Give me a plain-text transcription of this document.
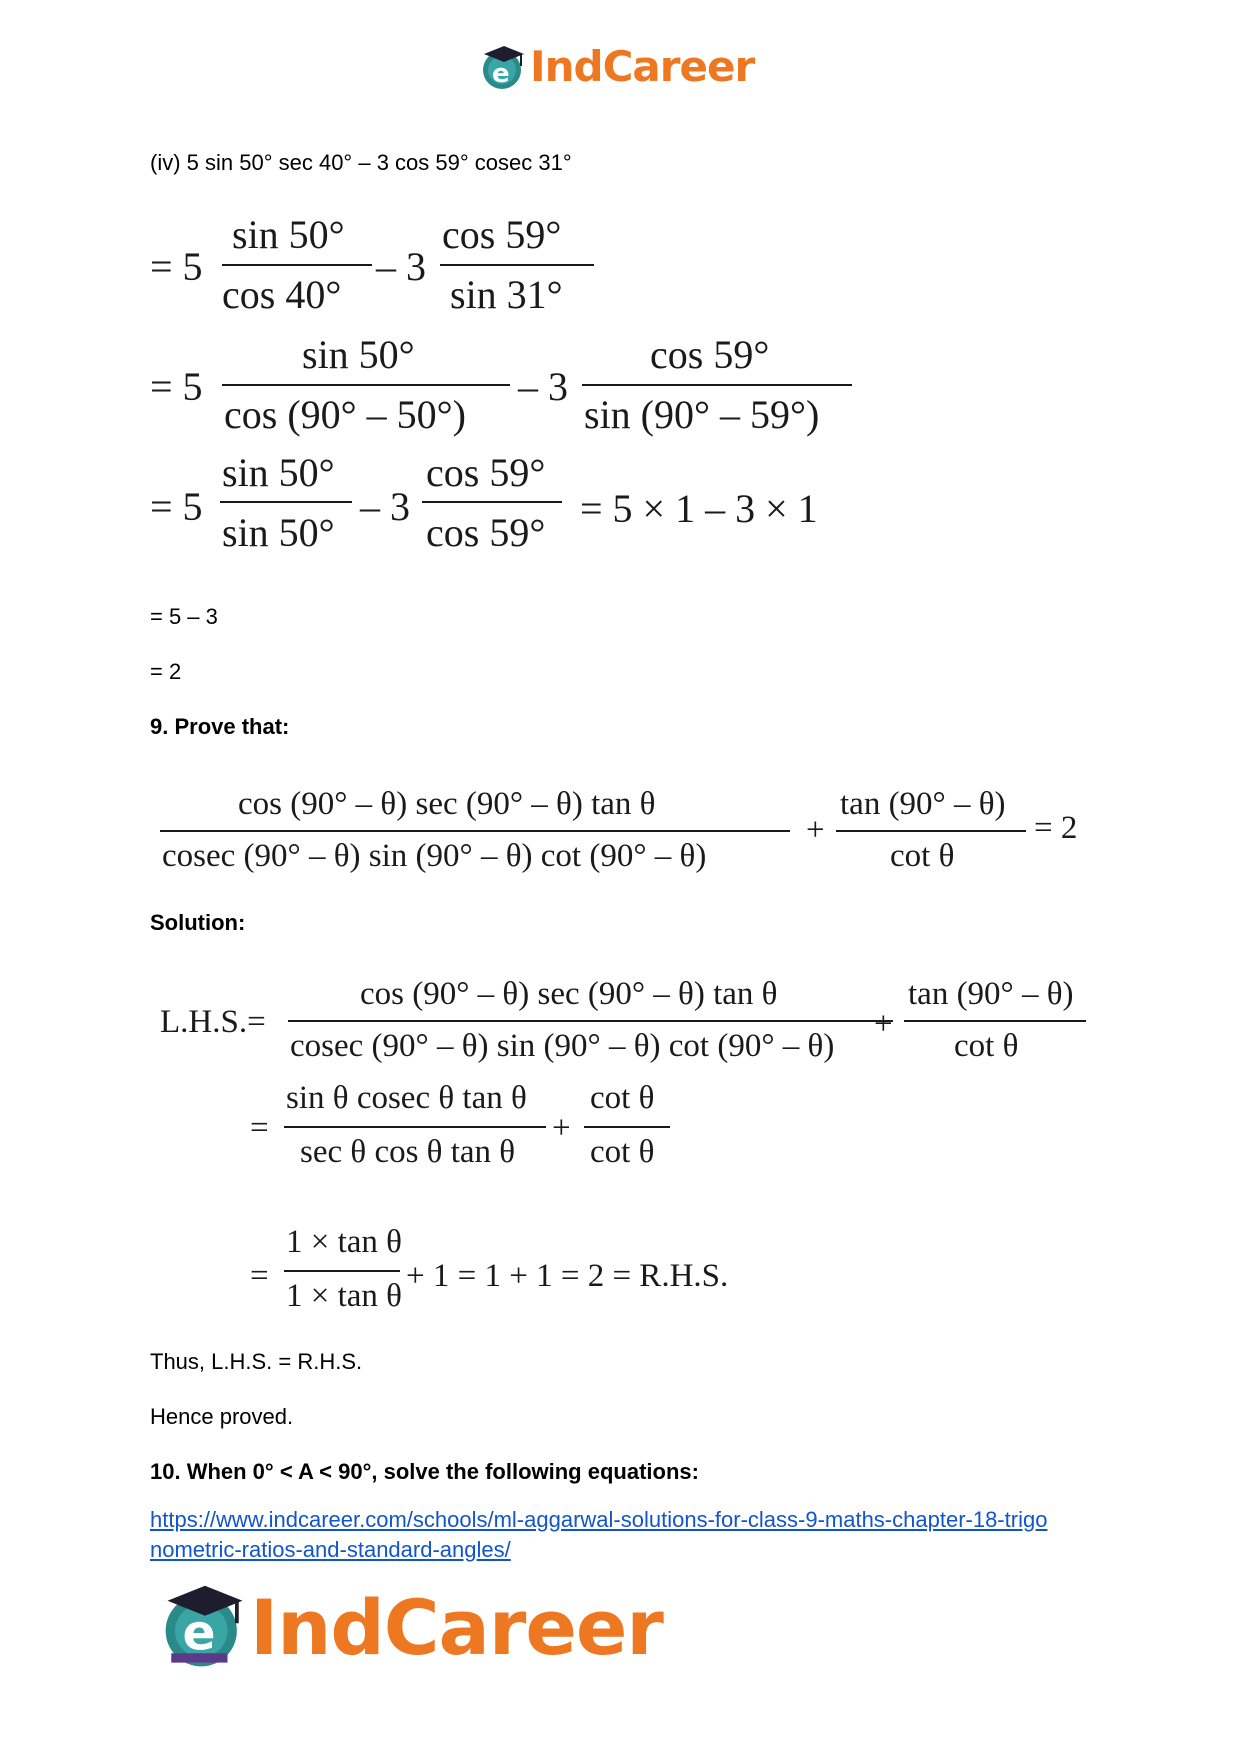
e IndCareer
(iv) 5 sin 50° sec 40° – 3 cos 59° cosec 31°
= 5
sin 50°
cos 40°
– 3
cos 59°
sin 31°
= 5
sin 50°
cos (90° – 50°)
– 3
cos 59°
sin (90° – 59°)
= 5
sin 50°
sin 50°
– 3
cos 59°
cos 59°
= 5 × 1 – 3 × 1
= 5 – 3
= 2
9. Prove that:
cos (90° – θ) sec (90° – θ) tan θ
cosec (90° – θ) sin (90° – θ) cot (90° – θ)
+
tan (90° – θ)
cot θ
= 2
Solution:
L.H.S.=
cos (90° – θ) sec (90° – θ) tan θ
cosec (90° – θ) sin (90° – θ) cot (90° – θ)
+
tan (90° – θ)
cot θ
=
sin θ cosec θ tan θ
sec θ cos θ tan θ
+
cot θ
cot θ
=
1 × tan θ
1 × tan θ
+ 1 = 1 + 1 = 2 = R.H.S.
Thus, L.H.S. = R.H.S.
Hence proved.
10. When 0° < A < 90°, solve the following equations:
https://www.indcareer.com/schools/ml-aggarwal-solutions-for-class-9-maths-chapter-18-trigo
nometric-ratios-and-standard-angles/
e IndCareer
